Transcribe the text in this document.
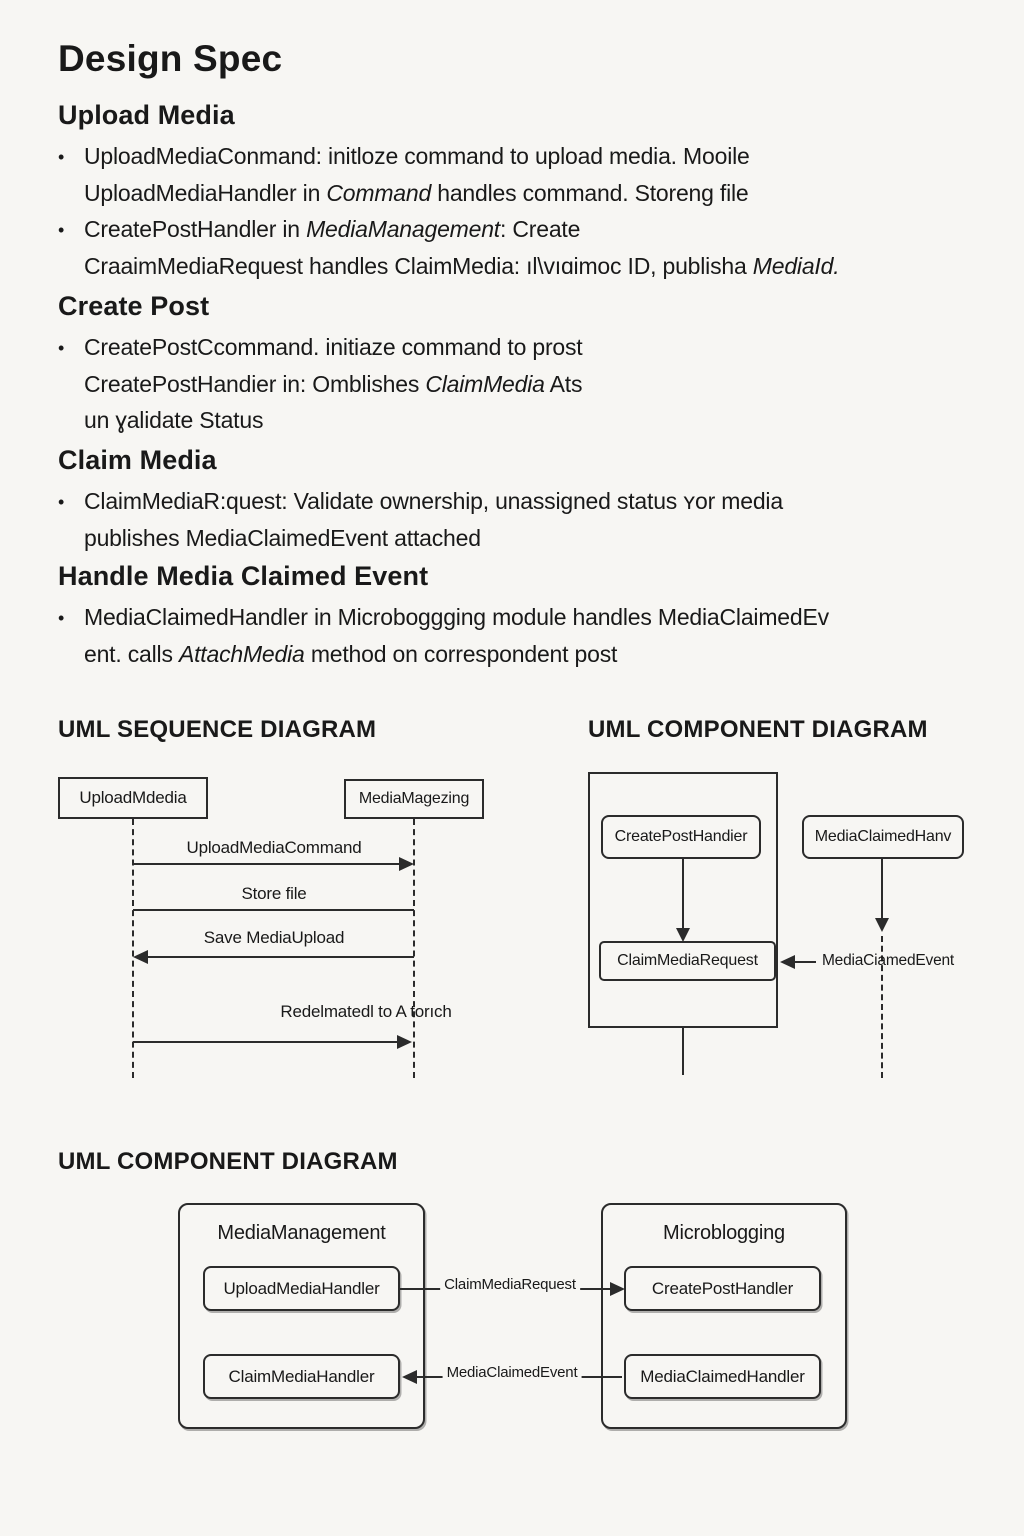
Design Spec
Upload Media
• UploadMediaConmand: initloze command to upload media. Mooile
UploadMediaHandler in Command handles command. Storeng file
• CreatePostHandler in MediaManagement: Create
CraaimMediaRequest handles ClaimMedia: ıl\vıɑimoc ID, publisha MediaId.
Create Post
• CreatePostCcommand. initiaze command to prost
CreatePostHandier in: Omblishes ClaimMedia Ats
un ɣalidate Status
Claim Media
• ClaimMediaR:quest: Validate ownership, unassigned status ʏor media
publishes MediaClaimedEvent attached
Handle Media Claimed Event
• MediaClaimedHandler in Microboggging module handles MediaClaimedEv
ent. calls AttachMedia method on correspondent post
UML SEQUENCE DIAGRAM	UML COMPONENT DIAGRAM
UploadMdedia	MediaMagezing
UploadMediaCommand
Store file
Save MediaUpload
Redelmatedl to A torıch
CreatePostHandier
ClaimMediaRequest
MediaClaimedHanv
MediaCiamedEvent
UML COMPONENT DIAGRAM
MediaManagement
UploadMediaHandler
ClaimMediaHandler
Microblogging
CreatePostHandler
MediaClaimedHandler
ClaimMediaRequest
MediaClaimedEvent
